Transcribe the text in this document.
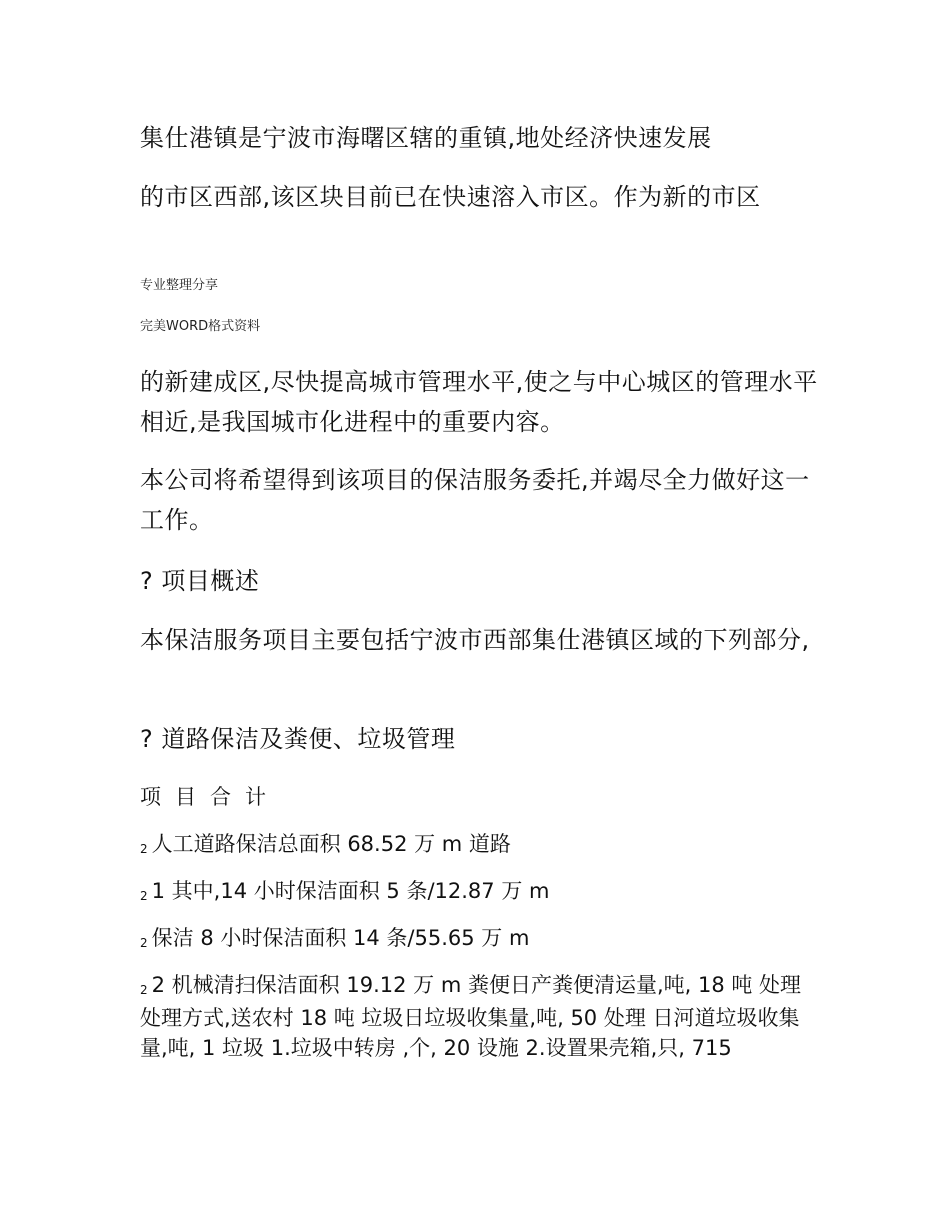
集仕港镇是宁波市海曙区辖的重镇,地处经济快速发展

的市区西部,该区块目前已在快速溶入市区。作为新的市区

专业整理分享

完美WORD格式资料

的新建成区,尽快提高城市管理水平,使之与中心城区的管理水平相近,是我国城市化进程中的重要内容。

本公司将希望得到该项目的保洁服务委托,并竭尽全力做好这一工作。

? 项目概述

本保洁服务项目主要包括宁波市西部集仕港镇区域的下列部分,

? 道路保洁及粪便、垃圾管理

项目合计

2 人工道路保洁总面积 68.52 万 m 道路

2 1 其中,14 小时保洁面积 5 条/12.87 万 m

2 保洁 8 小时保洁面积 14 条/55.65 万 m

2 2 机械清扫保洁面积 19.12 万 m 粪便日产粪便清运量,吨, 18 吨 处理 处理方式,送农村 18 吨 垃圾日垃圾收集量,吨, 50 处理 日河道垃圾收集量,吨, 1 垃圾 1.垃圾中转房 ,个, 20 设施 2.设置果壳箱,只, 715
